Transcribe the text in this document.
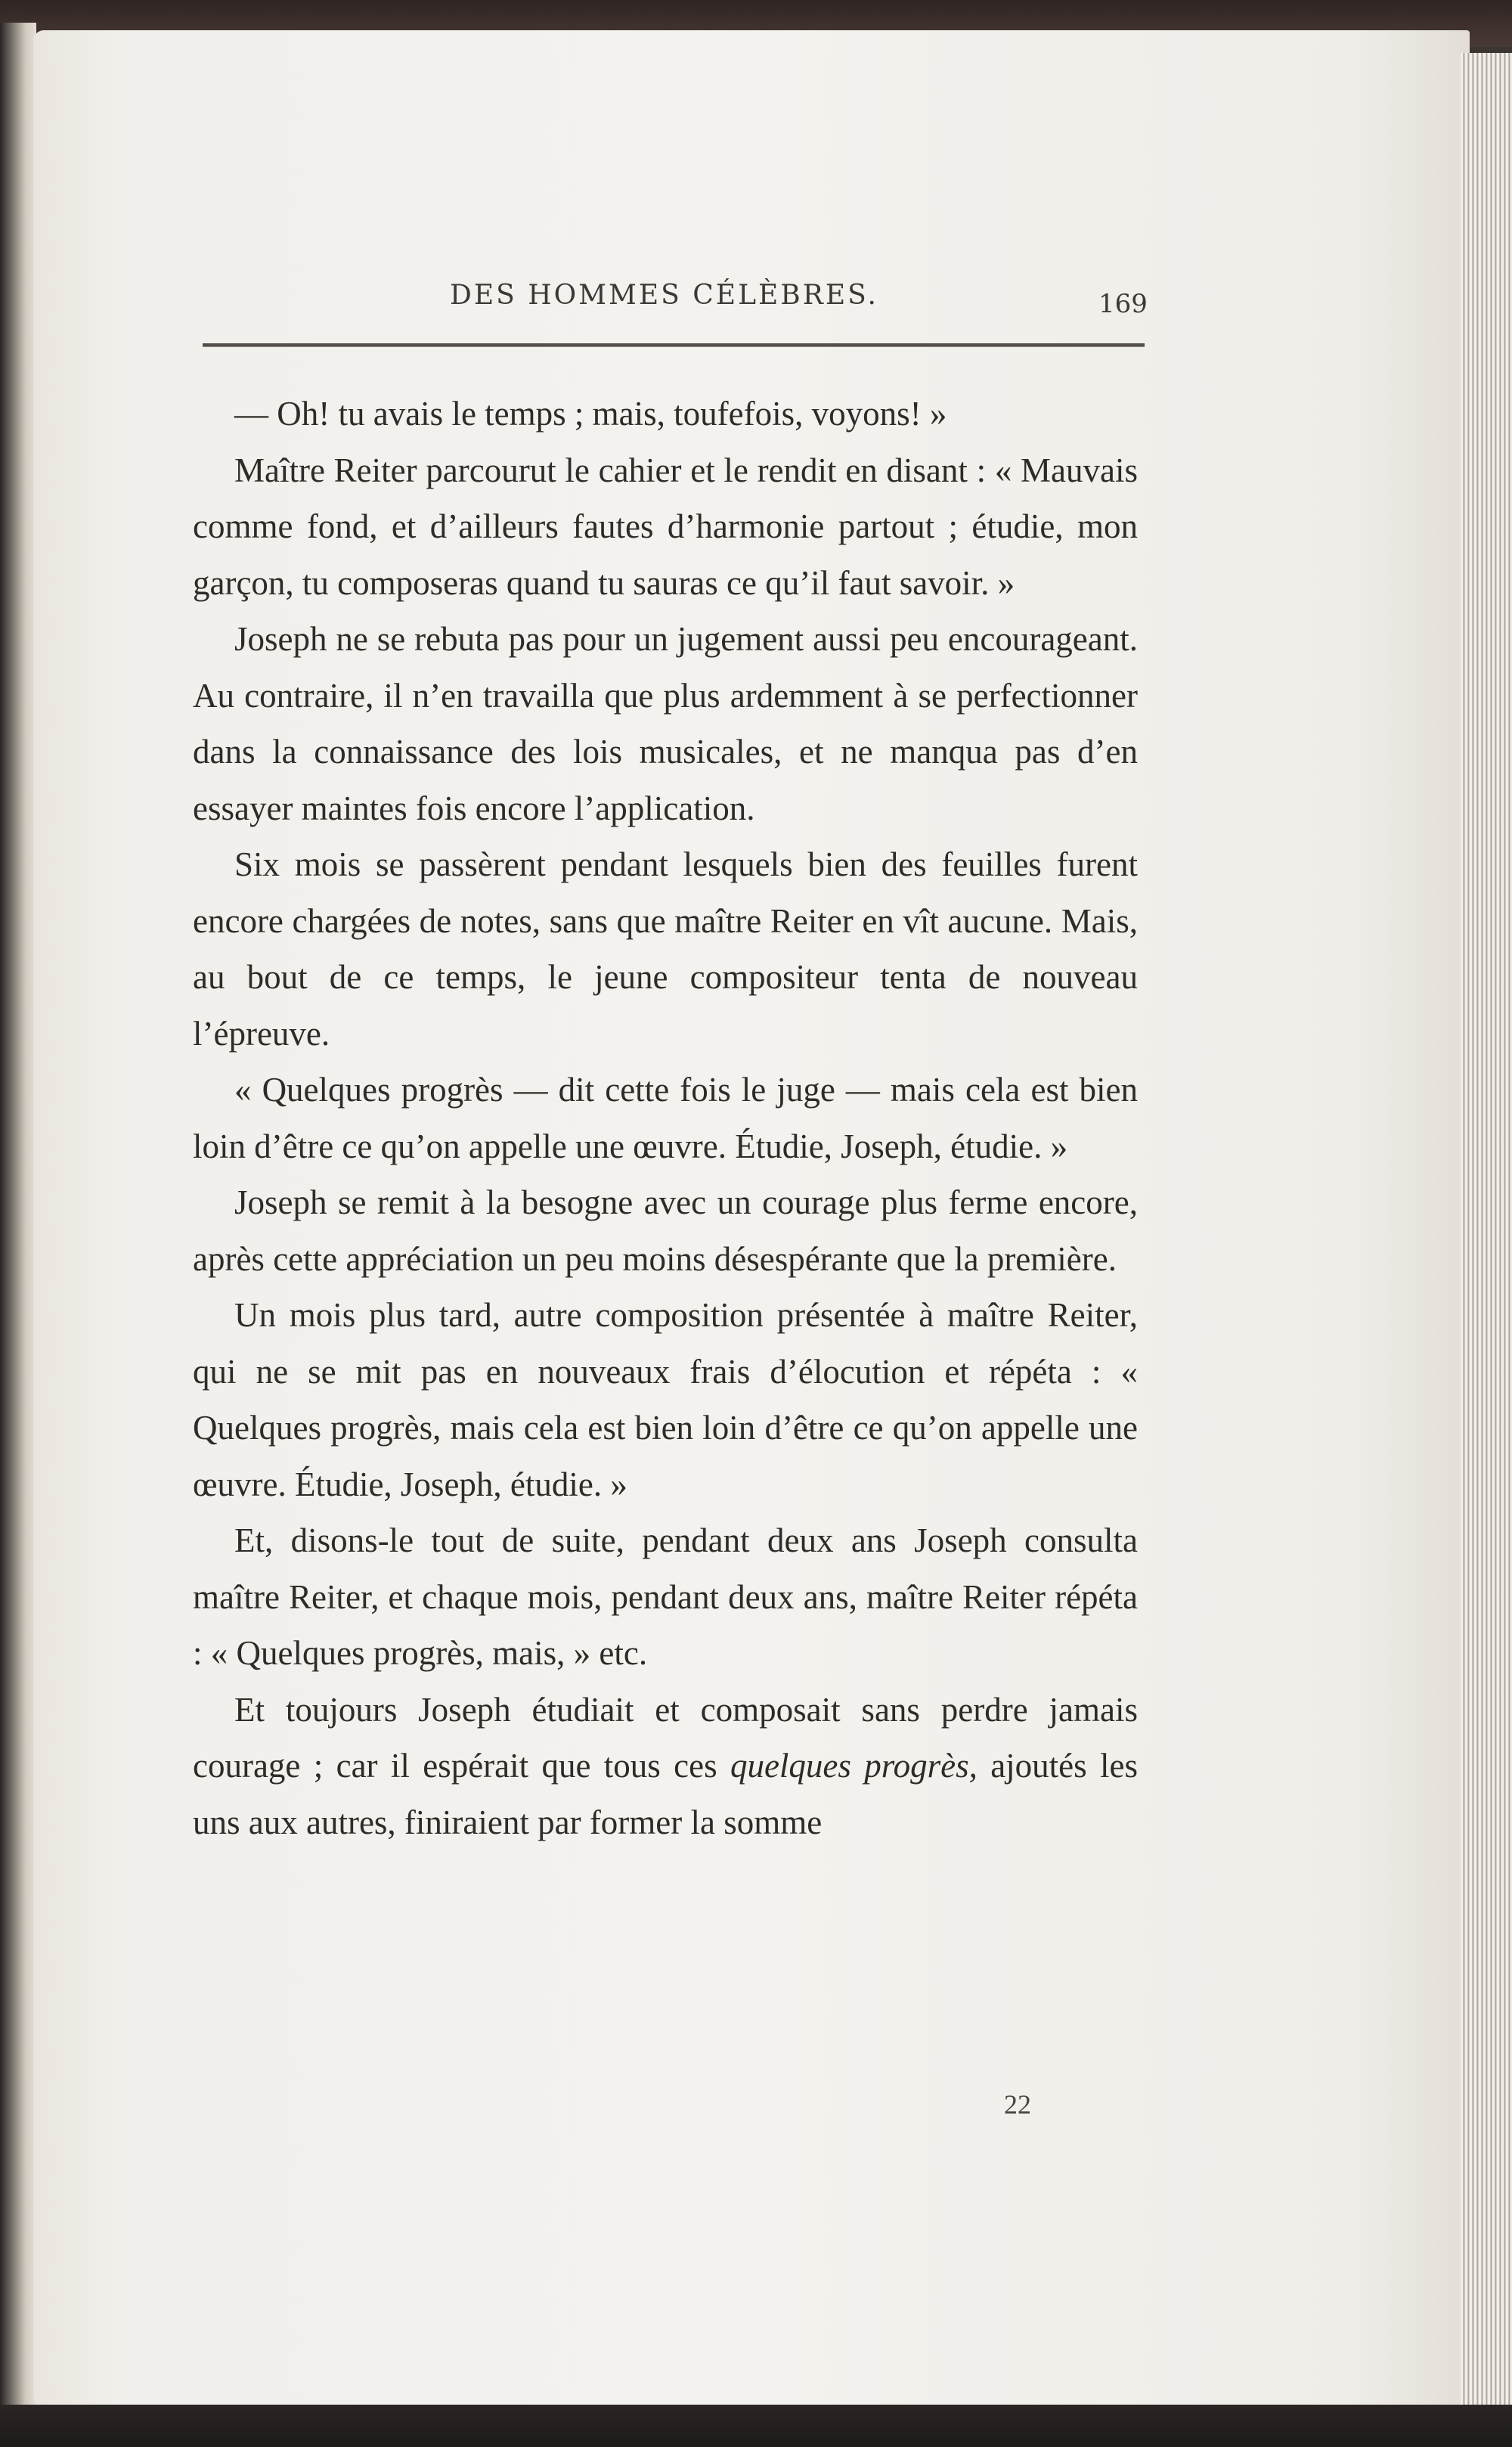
DES HOMMES CÉLÈBRES.	169

— Oh! tu avais le temps ; mais, toufefois, voyons! »

Maître Reiter parcourut le cahier et le rendit en disant : « Mauvais comme fond, et d’ailleurs fautes d’harmonie partout ; étudie, mon garçon, tu composeras quand tu sauras ce qu’il faut savoir. »

Joseph ne se rebuta pas pour un jugement aussi peu encourageant. Au contraire, il n’en travailla que plus ardemment à se perfectionner dans la connaissance des lois musicales, et ne manqua pas d’en essayer maintes fois encore l’application.

Six mois se passèrent pendant lesquels bien des feuilles furent encore chargées de notes, sans que maître Reiter en vît aucune. Mais, au bout de ce temps, le jeune compositeur tenta de nouveau l’épreuve.

« Quelques progrès — dit cette fois le juge — mais cela est bien loin d’être ce qu’on appelle une œuvre. Étudie, Joseph, étudie. »

Joseph se remit à la besogne avec un courage plus ferme encore, après cette appréciation un peu moins désespérante que la première.

Un mois plus tard, autre composition présentée à maître Reiter, qui ne se mit pas en nouveaux frais d’élocution et répéta : « Quelques progrès, mais cela est bien loin d’être ce qu’on appelle une œuvre. Étudie, Joseph, étudie. »

Et, disons-le tout de suite, pendant deux ans Joseph consulta maître Reiter, et chaque mois, pendant deux ans, maître Reiter répéta : « Quelques progrès, mais, » etc.

Et toujours Joseph étudiait et composait sans perdre jamais courage ; car il espérait que tous ces quelques progrès, ajoutés les uns aux autres, finiraient par former la somme

22
